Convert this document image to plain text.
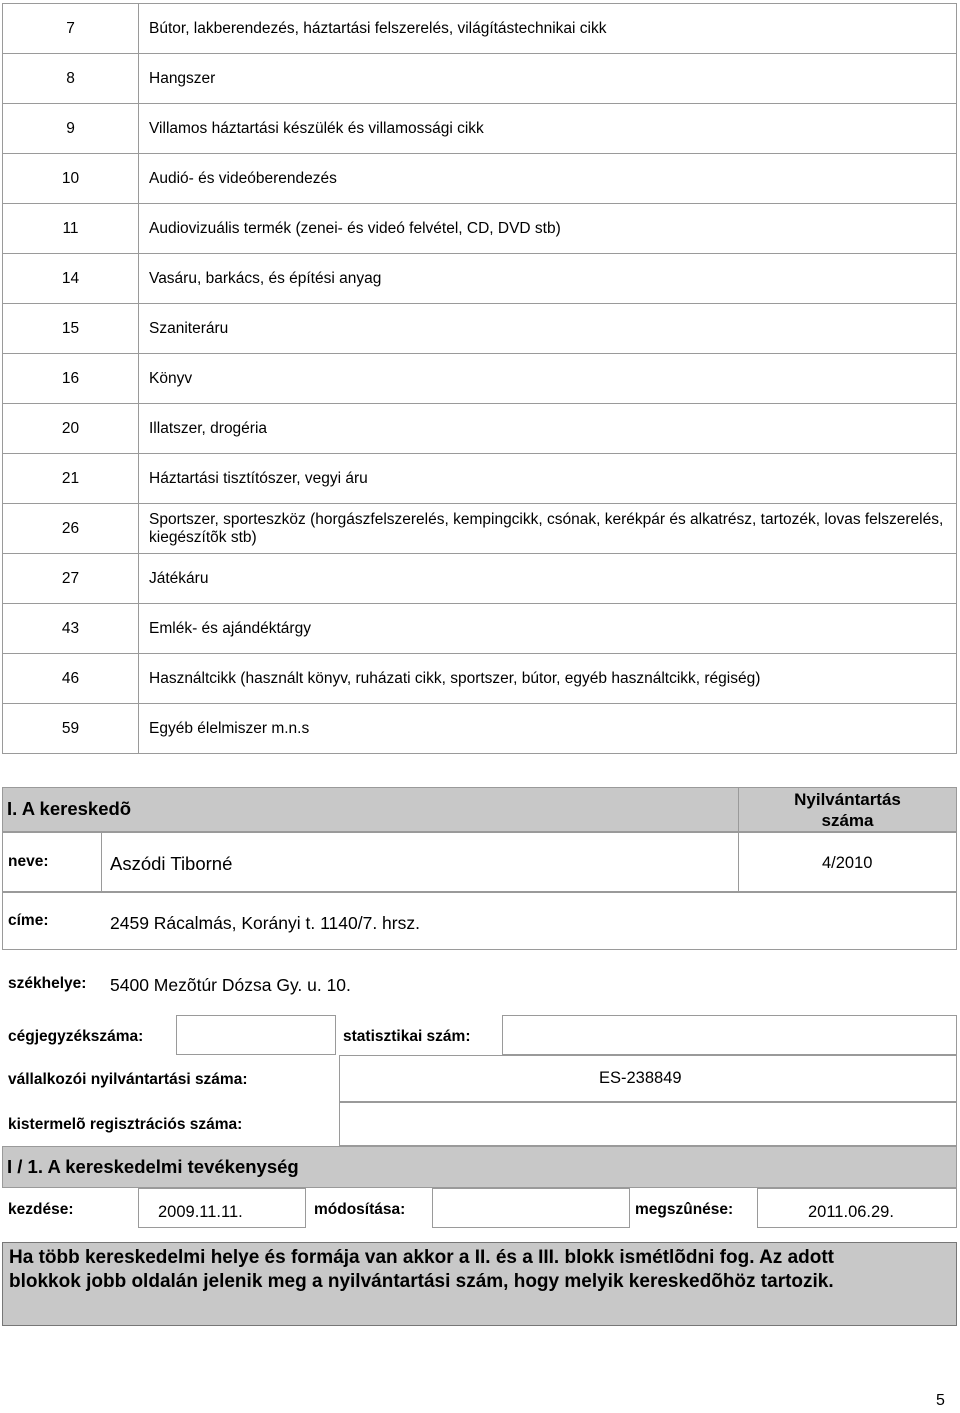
7	Bútor, lakberendezés, háztartási felszerelés, világítástechnikai cikk
8	Hangszer
9	Villamos háztartási készülék és villamossági cikk
10	Audió- és videóberendezés
11	Audiovizuális termék (zenei- és videó felvétel, CD, DVD stb)
14	Vasáru, barkács, és építési anyag
15	Szaniteráru
16	Könyv
20	Illatszer, drogéria
21	Háztartási tisztítószer, vegyi áru
26	Sportszer, sporteszköz (horgászfelszerelés, kempingcikk, csónak, kerékpár és alkatrész, tartozék, lovas felszerelés, kiegészítõk stb)
27	Játékáru
43	Emlék- és ajándéktárgy
46	Használtcikk (használt könyv, ruházati cikk, sportszer, bútor, egyéb használtcikk, régiség)
59	Egyéb élelmiszer m.n.s
I. A kereskedõ	Nyilvántartás
száma
neve:	Aszódi Tiborné	4/2010
címe:	2459 Rácalmás, Korányi t. 1140/7. hrsz.
székhelye: 5400 Mezõtúr Dózsa Gy. u. 10.
cégjegyzékszáma:	statisztikai szám:
vállalkozói nyilvántartási száma:	ES-238849
kistermelõ regisztrációs száma:
I / 1. A kereskedelmi tevékenység
kezdése:	2009.11.11.	módosítása:	megszûnése:	2011.06.29.
Ha több kereskedelmi helye és formája van akkor a II. és a III. blokk ismétlõdni fog. Az adott blokkok jobb oldalán jelenik meg a nyilvántartási szám, hogy melyik kereskedõhöz tartozik.
5
